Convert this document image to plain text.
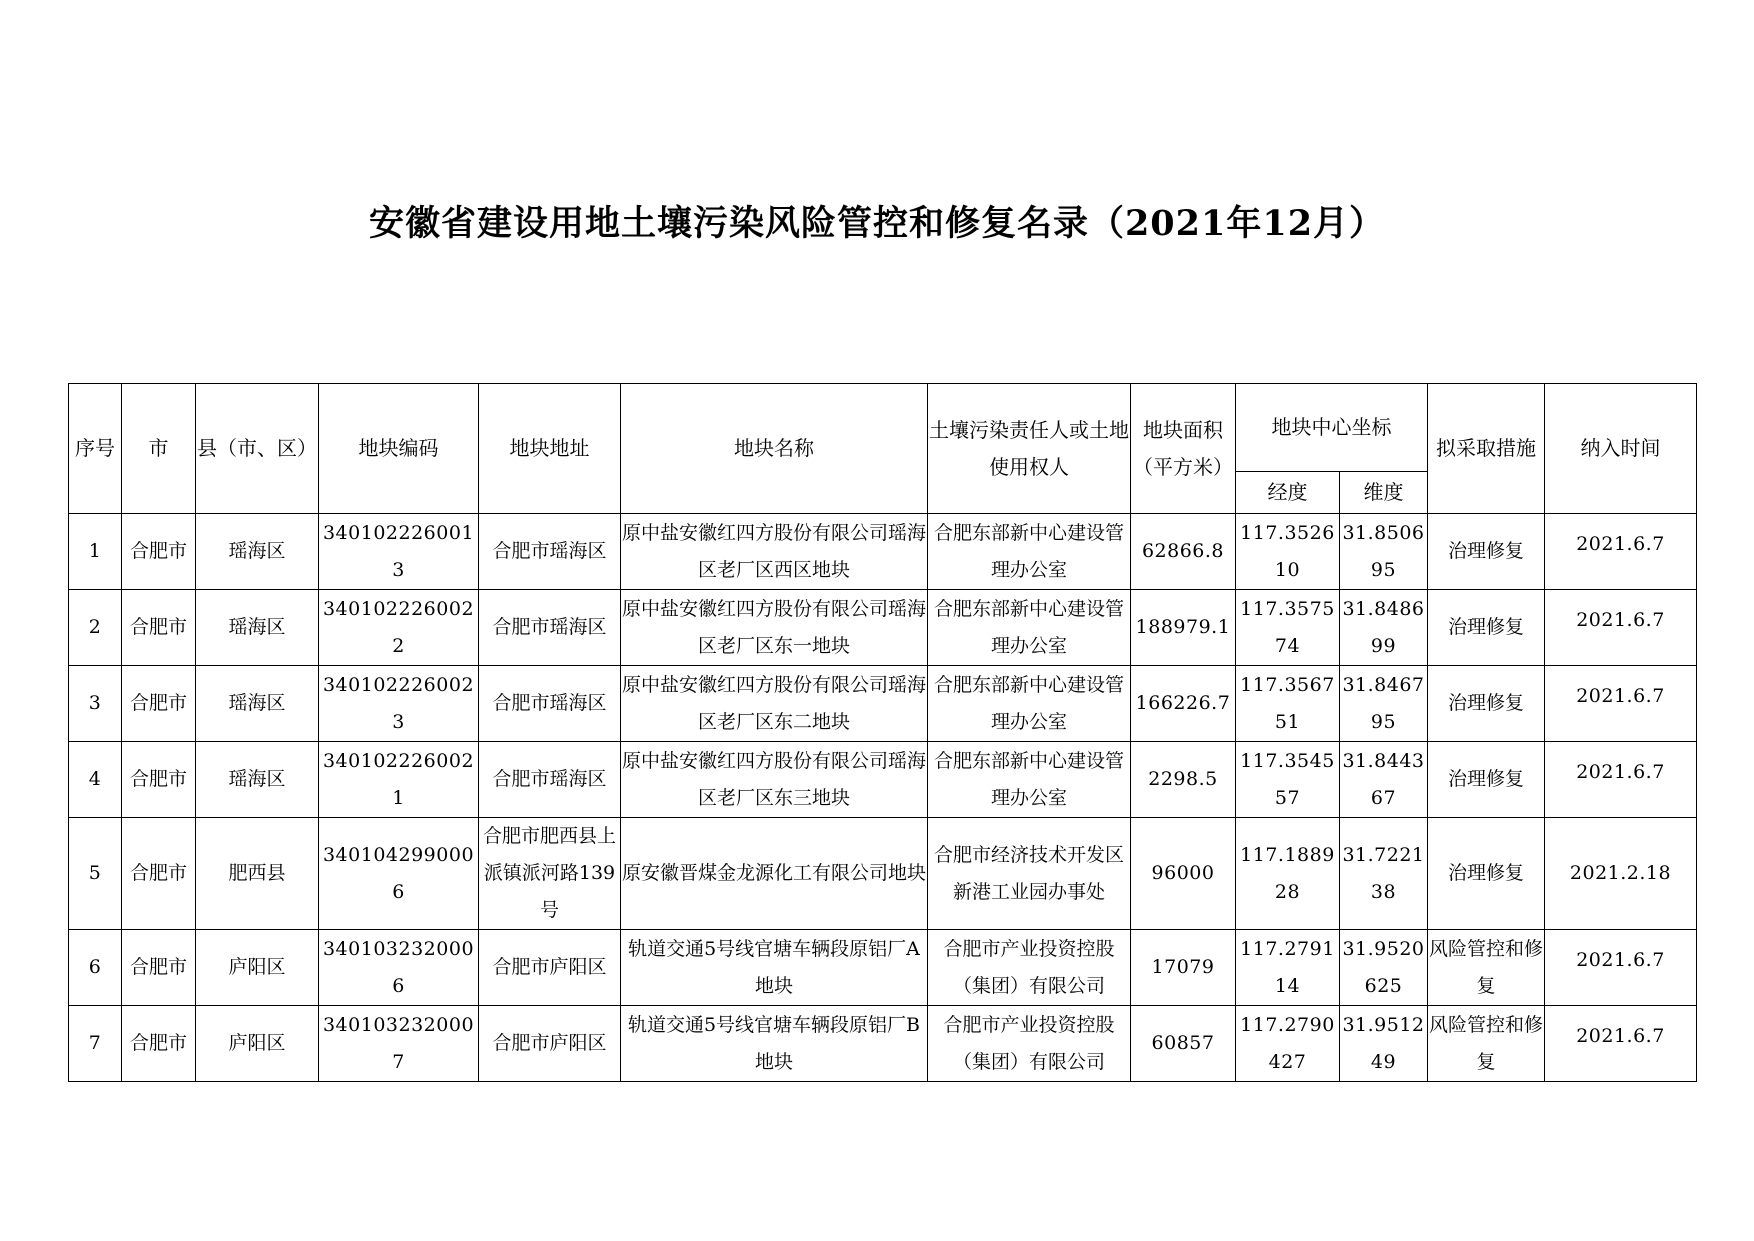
安徽省建设用地土壤污染风险管控和修复名录（2021年12月）
序号	市	县（市、区）	地块编码	地块地址	地块名称	土壤污染责任人或土地使用权人	地块面积（平方米）	地块中心坐标		拟采取措施	纳入时间
								经度	维度		
1	合肥市	瑶海区	3401022260013	合肥市瑶海区	原中盐安徽红四方股份有限公司瑶海区老厂区西区地块	合肥东部新中心建设管理办公室	62866.8	117.352610	31.850695	治理修复	2021.6.7
2	合肥市	瑶海区	3401022260022	合肥市瑶海区	原中盐安徽红四方股份有限公司瑶海区老厂区东一地块	合肥东部新中心建设管理办公室	188979.1	117.357574	31.848699	治理修复	2021.6.7
3	合肥市	瑶海区	3401022260023	合肥市瑶海区	原中盐安徽红四方股份有限公司瑶海区老厂区东二地块	合肥东部新中心建设管理办公室	166226.7	117.356751	31.846795	治理修复	2021.6.7
4	合肥市	瑶海区	3401022260021	合肥市瑶海区	原中盐安徽红四方股份有限公司瑶海区老厂区东三地块	合肥东部新中心建设管理办公室	2298.5	117.354557	31.844367	治理修复	2021.6.7
5	合肥市	肥西县	3401042990006	合肥市肥西县上派镇派河路139号	原安徽晋煤金龙源化工有限公司地块	合肥市经济技术开发区新港工业园办事处	96000	117.188928	31.722138	治理修复	2021.2.18
6	合肥市	庐阳区	3401032320006	合肥市庐阳区	轨道交通5号线官塘车辆段原铝厂A地块	合肥市产业投资控股（集团）有限公司	17079	117.279114	31.9520625	风险管控和修复	2021.6.7
7	合肥市	庐阳区	3401032320007	合肥市庐阳区	轨道交通5号线官塘车辆段原铝厂B地块	合肥市产业投资控股（集团）有限公司	60857	117.2790427	31.951249	风险管控和修复	2021.6.7
